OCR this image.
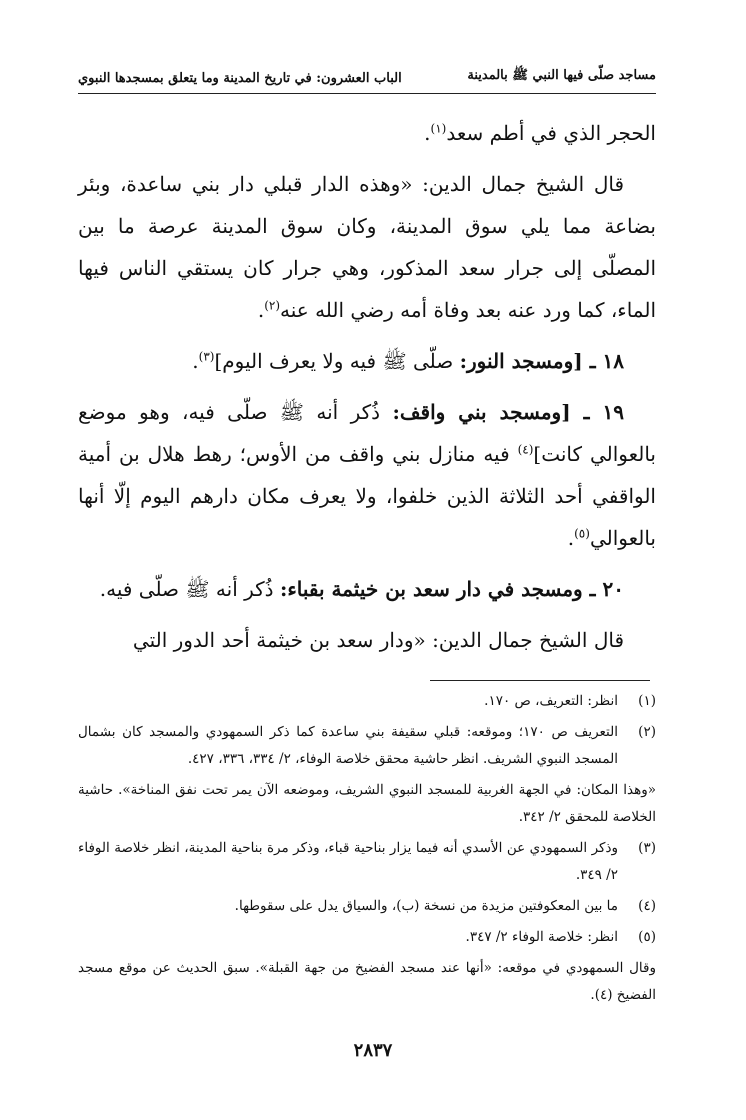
مساجد صلّى فيها النبي ﷺ بالمدينة
الباب العشرون: في تاريخ المدينة وما يتعلق بمسجدها النبوي

الحجر الذي في أطم سعد$^{(١)}$.

قال الشيخ جمال الدين: «وهذه الدار قبلي دار بني ساعدة، وبئر بضاعة مما يلي سوق المدينة، وكان سوق المدينة عرصة ما بين المصلّى إلى جرار سعد المذكور، وهي جرار كان يستقي الناس فيها الماء، كما ورد عنه بعد وفاة أمه رضي الله عنه$^{(٢)}$.

١٨ ـ [ومسجد النور: صلّى ﷺ فيه ولا يعرف اليوم]$^{(٣)}$.

١٩ ـ [ومسجد بني واقف: ذُكر أنه ﷺ صلّى فيه، وهو موضع بالعوالي كانت]$^{(٤)}$ فيه منازل بني واقف من الأوس؛ رهط هلال بن أمية الواقفي أحد الثلاثة الذين خلفوا، ولا يعرف مكان دارهم اليوم إلّا أنها بالعوالي$^{(٥)}$.

٢٠ ـ ومسجد في دار سعد بن خيثمة بقباء: ذُكر أنه ﷺ صلّى فيه.

قال الشيخ جمال الدين: «ودار سعد بن خيثمة أحد الدور التي

(١)
انظر: التعريف، ص ١٧٠.
(٢)
التعريف ص ١٧٠؛ وموقعه: قبلي سقيفة بني ساعدة كما ذكر السمهودي والمسجد كان بشمال المسجد النبوي الشريف. انظر حاشية محقق خلاصة الوفاء، ٢/ ٣٣٤، ٣٣٦، ٤٢٧.
«وهذا المكان: في الجهة الغربية للمسجد النبوي الشريف، وموضعه الآن يمر تحت نفق المناخة». حاشية الخلاصة للمحقق ٢/ ٣٤٢.
(٣)
وذكر السمهودي عن الأسدي أنه فيما يزار بناحية قباء، وذكر مرة بناحية المدينة، انظر خلاصة الوفاء ٢/ ٣٤٩.
(٤)
ما بين المعكوفتين مزيدة من نسخة (ب)، والسياق يدل على سقوطها.
(٥)
انظر: خلاصة الوفاء ٢/ ٣٤٧.
وقال السمهودي في موقعه: «أنها عند مسجد الفضيخ من جهة القبلة». سبق الحديث عن موقع مسجد الفضيخ (٤).
٢٨٣٧
